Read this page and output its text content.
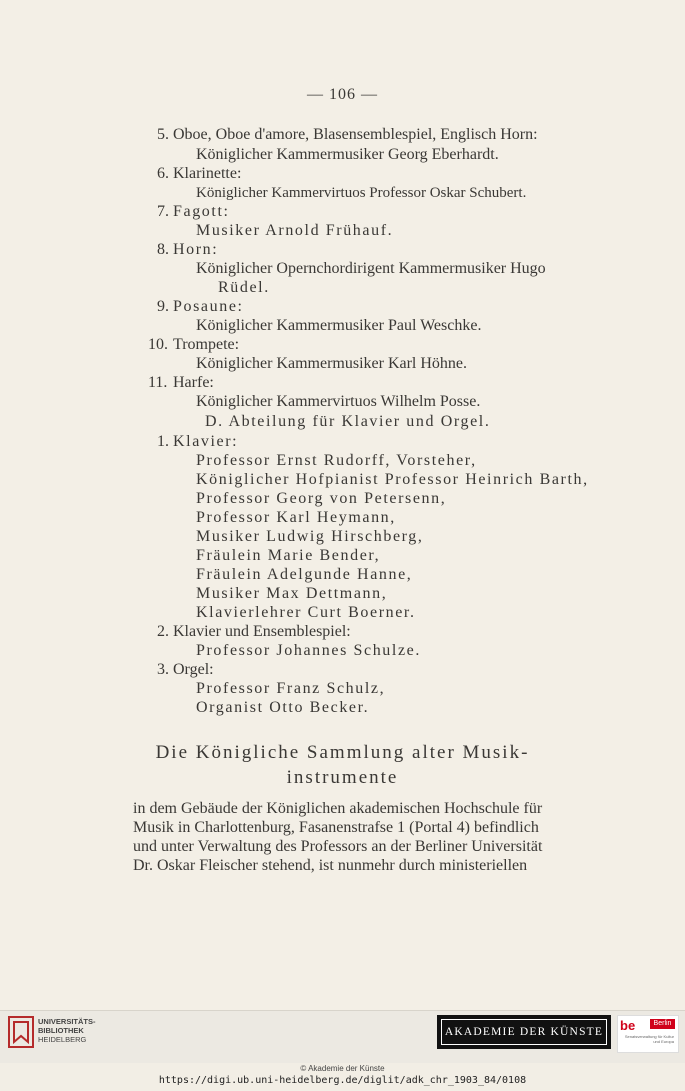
— 106 —
5. Oboe, Oboe d'amore, Blasensemblespiel, Englisch Horn:
Königlicher Kammermusiker Georg Eberhardt.
6. Klarinette:
Königlicher Kammervirtuos Professor Oskar Schubert.
7. Fagott:
Musiker Arnold Frühauf.
8. Horn:
Königlicher Opernchordirigent Kammermusiker Hugo
Rüdel.
9. Posaune:
Königlicher Kammermusiker Paul Weschke.
10. Trompete:
Königlicher Kammermusiker Karl Höhne.
11. Harfe:
Königlicher Kammervirtuos Wilhelm Posse.
D. Abteilung für Klavier und Orgel.
1. Klavier:
Professor Ernst Rudorff, Vorsteher,
Königlicher Hofpianist Professor Heinrich Barth,
Professor Georg von Petersenn,
Professor Karl Heymann,
Musiker Ludwig Hirschberg,
Fräulein Marie Bender,
Fräulein Adelgunde Hanne,
Musiker Max Dettmann,
Klavierlehrer Curt Boerner.
2. Klavier und Ensemblespiel:
Professor Johannes Schulze.
3. Orgel:
Professor Franz Schulz,
Organist Otto Becker.
Die Königliche Sammlung alter Musik-
instrumente
in dem Gebäude der Königlichen akademischen Hochschule für
Musik in Charlottenburg, Fasanenstrafse 1 (Portal 4) befindlich
und unter Verwaltung des Professors an der Berliner Universität
Dr. Oskar Fleischer stehend, ist nunmehr durch ministeriellen
UNIVERSITÄTS-
BIBLIOTHEK
HEIDELBERG
AKADEMIE DER KÜNSTE be	Berlin
Senatsverwaltung für Kultur und Europa
© Akademie der Künste
https://digi.ub.uni-heidelberg.de/diglit/adk_chr_1903_84/0108
